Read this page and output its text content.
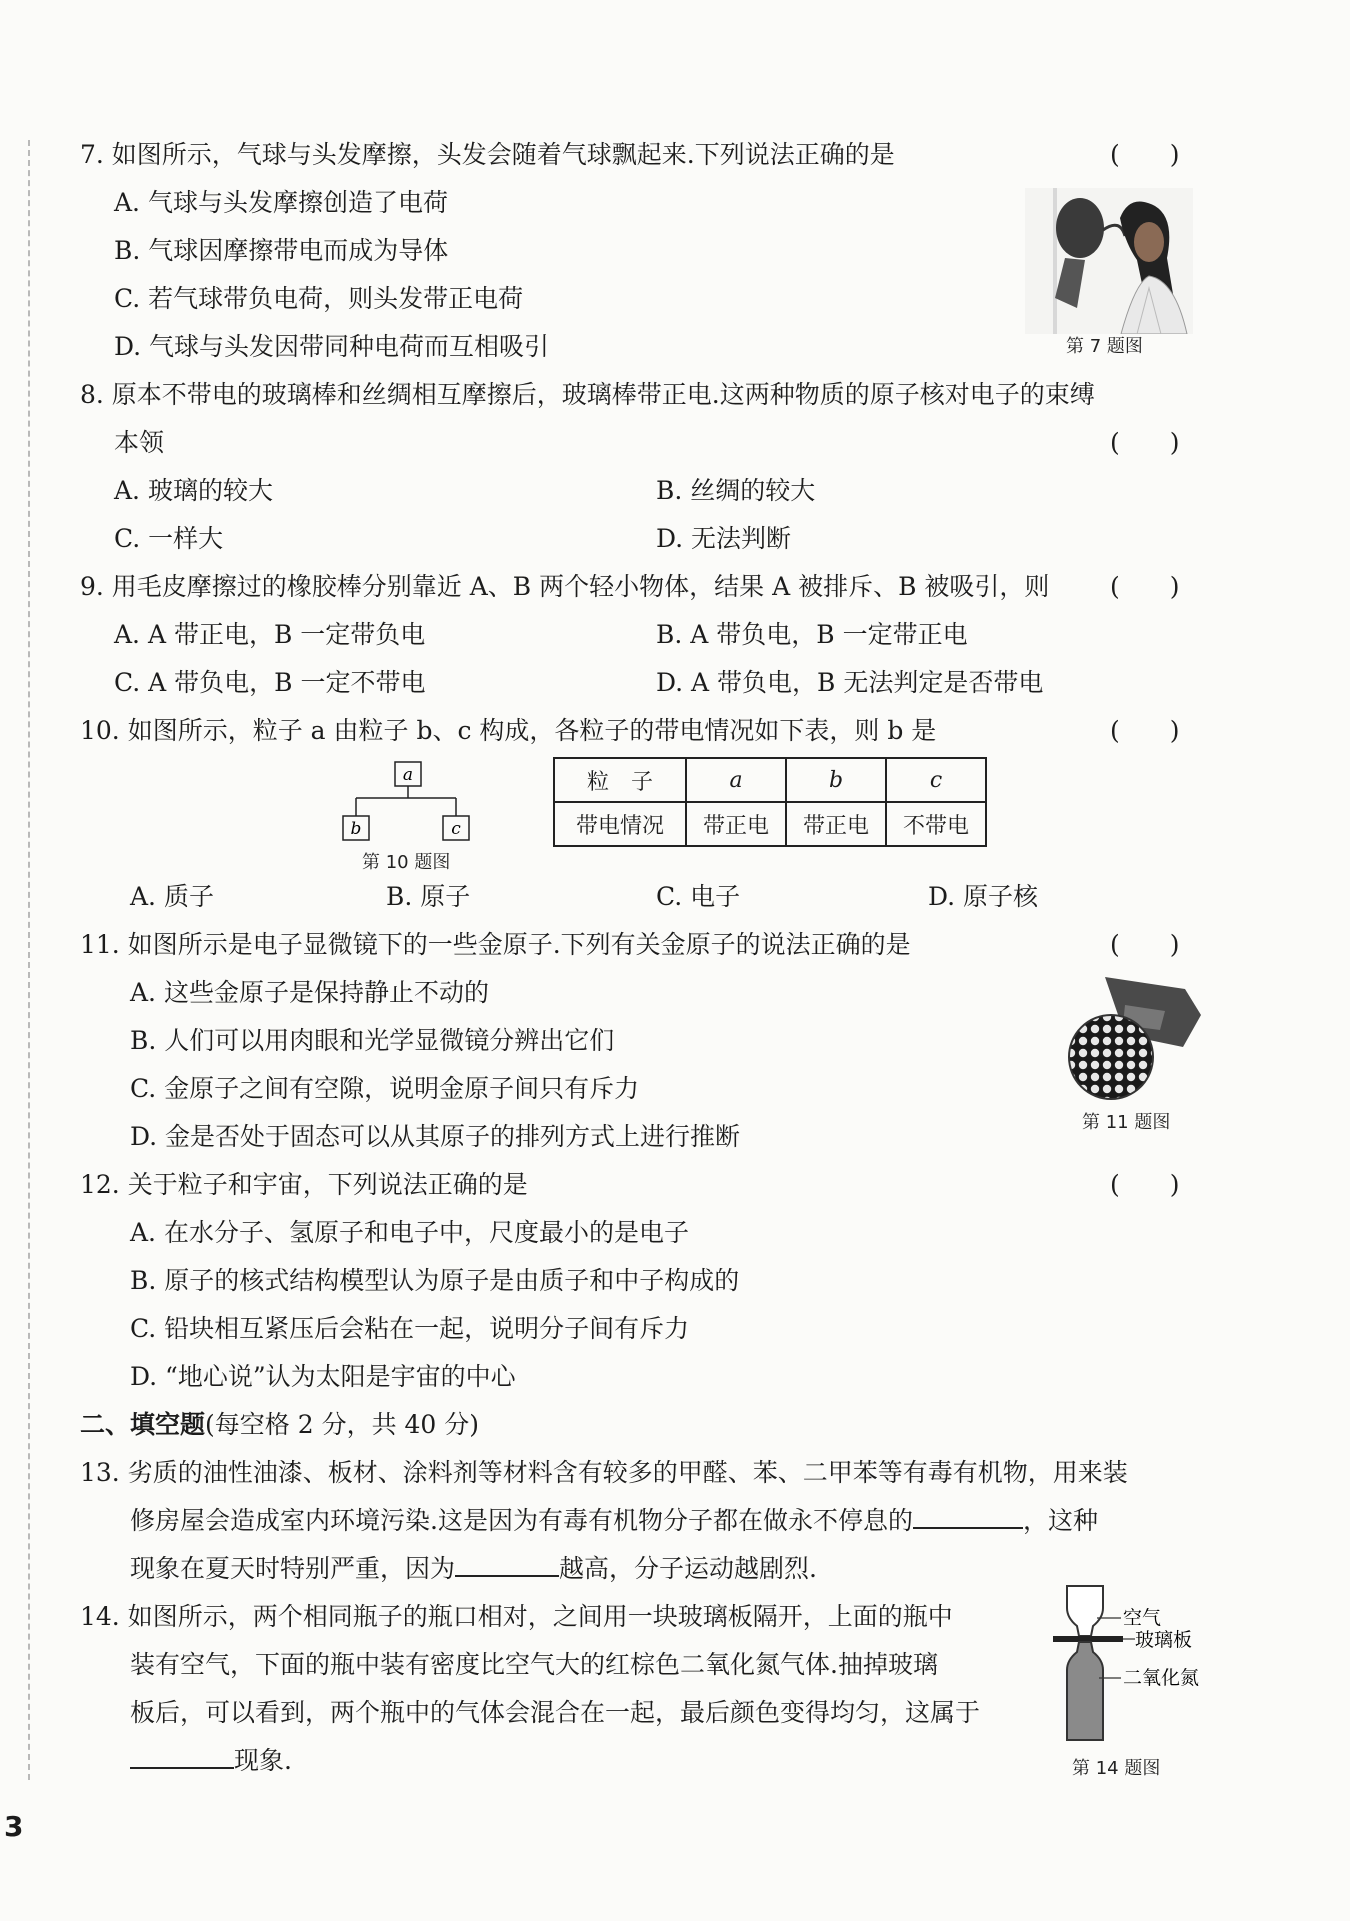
7. 如图所示，气球与头发摩擦，头发会随着气球飘起来.下列说法正确的是	(　　)
A. 气球与头发摩擦创造了电荷
B. 气球因摩擦带电而成为导体
C. 若气球带负电荷，则头发带正电荷
D. 气球与头发因带同种电荷而互相吸引	第 7 题图
8. 原本不带电的玻璃棒和丝绸相互摩擦后，玻璃棒带正电.这两种物质的原子核对电子的束缚
本领	(　　)
A. 玻璃的较大	B. 丝绸的较大
C. 一样大	D. 无法判断
9. 用毛皮摩擦过的橡胶棒分别靠近 A、B 两个轻小物体，结果 A 被排斥、B 被吸引，则 (　　)
A. A 带正电，B 一定带负电	B. A 带负电，B 一定带正电
C. A 带负电，B 一定不带电	D. A 带负电，B 无法判定是否带电
10. 如图所示，粒子 a 由粒子 b、c 构成，各粒子的带电情况如下表，则 b 是	(　　)
a
b	c
第 10 题图
粒　子	a	b	c
带电情况	带正电	带正电	不带电
A. 质子	B. 原子	C. 电子	D. 原子核
11. 如图所示是电子显微镜下的一些金原子.下列有关金原子的说法正确的是	(　　)
A. 这些金原子是保持静止不动的
B. 人们可以用肉眼和光学显微镜分辨出它们
C. 金原子之间有空隙，说明金原子间只有斥力
D. 金是否处于固态可以从其原子的排列方式上进行推断	第 11 题图
12. 关于粒子和宇宙，下列说法正确的是	(　　)
A. 在水分子、氢原子和电子中，尺度最小的是电子
B. 原子的核式结构模型认为原子是由质子和中子构成的
C. 铅块相互紧压后会粘在一起，说明分子间有斥力
D. “地心说”认为太阳是宇宙的中心
二、填空题(每空格 2 分，共 40 分)
13. 劣质的油性油漆、板材、涂料剂等材料含有较多的甲醛、苯、二甲苯等有毒有机物，用来装
修房屋会造成室内环境污染.这是因为有毒有机物分子都在做永不停息的	，这种
现象在夏天时特别严重，因为	越高，分子运动越剧烈.
14. 如图所示，两个相同瓶子的瓶口相对，之间用一块玻璃板隔开，上面的瓶中
装有空气，下面的瓶中装有密度比空气大的红棕色二氧化氮气体.抽掉玻璃
板后，可以看到，两个瓶中的气体会混合在一起，最后颜色变得均匀，这属于
现象.
空气
玻璃板
二氧化氮
第 14 题图
3
